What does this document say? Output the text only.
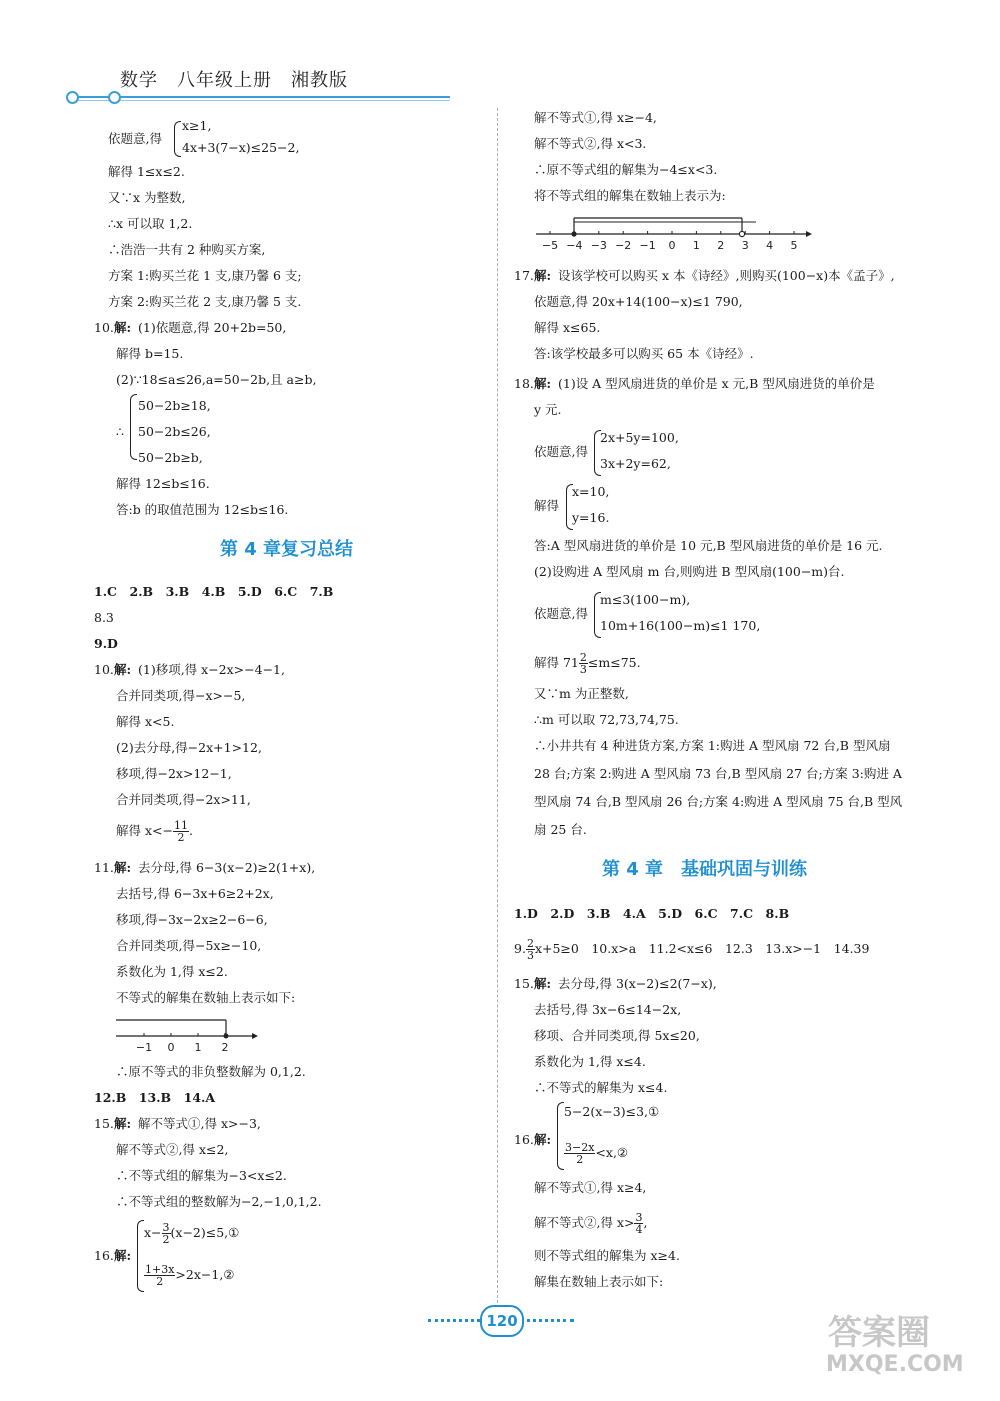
数学　八年级上册　湘教版
依题意,得
x≥1,
4x+3(7−x)≤25−2,
解得 1≤x≤2.
又∵x 为整数,
∴x 可以取 1,2.
∴浩浩一共有 2 种购买方案,
方案 1:购买兰花 1 支,康乃馨 6 支;
方案 2:购买兰花 2 支,康乃馨 5 支.
10. 解: (1)依题意,得 20+2b=50,
解得 b=15.
(2)∵18≤a≤26,a=50−2b,且 a≥b,
∴
50−2b≥18,
50−2b≤26,
50−2b≥b,
解得 12≤b≤16.
答:b 的取值范围为 12≤b≤16.
第 4 章复习总结
1.C　2.B　3.B　4.B　5.D　6.C　7.B
8.3
9.D
10. 解: (1)移项,得 x−2x>−4−1,
合并同类项,得−x>−5,
解得 x<5.
(2)去分母,得−2x+1>12,
移项,得−2x>12−1,
合并同类项,得−2x>11,
解得 $x<- \frac{11}{2}$ .
11. 解: 去分母,得 6−3(x−2)≥2(1+x),
去括号,得 6−3x+6≥2+2x,
移项,得−3x−2x≥2−6−6,
合并同类项,得−5x≥−10,
系数化为 1,得 x≤2.
不等式的解集在数轴上表示如下:
−1 0 1 2
∴原不等式的非负整数解为 0,1,2.
12.B　13.B　14.A
15. 解: 解不等式①,得 x>−3,
解不等式②,得 x≤2,
∴不等式组的解集为−3<x≤2.
∴不等式组的整数解为−2,−1,0,1,2.
16. 解:
$x- \frac{3}{2}$ (x−2)≤5,①
$\frac{1+3x}{2}$ >2x−1,②
解不等式①,得 x≥−4,
解不等式②,得 x<3.
∴原不等式组的解集为−4≤x<3.
将不等式组的解集在数轴上表示为:
−5 −4 −3 −2 −1 0 1 2 3 4 5
17. 解: 设该学校可以购买 x 本《诗经》,则购买(100−x)本《孟子》,
依题意,得 20x+14(100−x)≤1 790,
解得 x≤65.
答:该学校最多可以购买 65 本《诗经》.
18. 解: (1)设 A 型风扇进货的单价是 x 元,B 型风扇进货的单价是
y 元.
依题意,得
2x+5y=100,
3x+2y=62,
解得
x=10,
y=16.
答:A 型风扇进货的单价是 10 元,B 型风扇进货的单价是 16 元.
(2)设购进 A 型风扇 m 台,则购进 B 型风扇(100−m)台.
依题意,得
m≤3(100−m),
10m+16(100−m)≤1 170,
解得 $71 \frac{2}{3} \le m\le 75$.
又∵m 为正整数,
∴m 可以取 72,73,74,75.
∴小井共有 4 种进货方案,方案 1:购进 A 型风扇 72 台,B 型风扇
28 台;方案 2:购进 A 型风扇 73 台,B 型风扇 27 台;方案 3:购进 A
型风扇 74 台,B 型风扇 26 台;方案 4:购进 A 型风扇 75 台,B 型风
扇 25 台.
第 4 章　基础巩固与训练
1.D　2.D　3.B　4.A　5.D　6.C　7.C　8.B
9. $\frac{2}{3} x+5\ge 0$　10.x>a　11.2<x≤6　12.3　13.x>−1　14.39
15. 解: 去分母,得 3(x−2)≤2(7−x),
去括号,得 3x−6≤14−2x,
移项、合并同类项,得 5x≤20,
系数化为 1,得 x≤4.
∴不等式的解集为 x≤4.
16. 解:
5−2(x−3)≤3,①
$\frac{3-2x}{2}$ <x,②
解不等式①,得 x≥4,
解不等式②,得 $x> \frac{3}{4}$ ,
则不等式组的解集为 x≥4.
解集在数轴上表示如下:
120	答案圈
MXQE.COM
